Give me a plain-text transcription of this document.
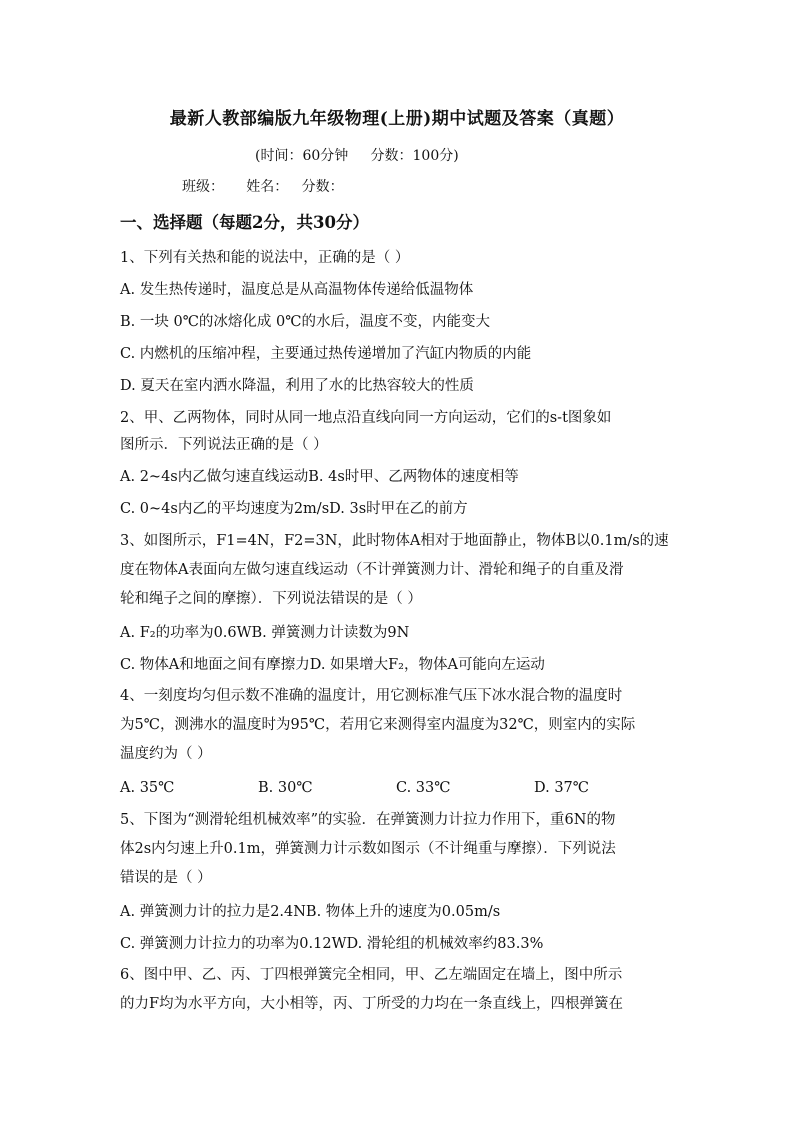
最新人教部编版九年级物理(上册)期中试题及答案（真题）
(时间：60分钟     分数：100分)
班级：     姓名：   分数：
一、选择题（每题2分，共30分）
1、下列有关热和能的说法中，正确的是（ ）
A. 发生热传递时，温度总是从高温物体传递给低温物体
B. 一块 0℃的冰熔化成 0℃的水后，温度不变，内能变大
C. 内燃机的压缩冲程，主要通过热传递增加了汽缸内物质的内能
D. 夏天在室内洒水降温，利用了水的比热容较大的性质
2、甲、乙两物体，同时从同一地点沿直线向同一方向运动，它们的s-t图象如
图所示．下列说法正确的是（ ）
A. 2~4s内乙做匀速直线运动B. 4s时甲、乙两物体的速度相等
C. 0~4s内乙的平均速度为2m/sD. 3s时甲在乙的前方
3、如图所示，F1=4N，F2=3N，此时物体A相对于地面静止，物体B以0.1m/s的速
度在物体A表面向左做匀速直线运动（不计弹簧测力计、滑轮和绳子的自重及滑
轮和绳子之间的摩擦）．下列说法错误的是（ ）
A. F₂的功率为0.6WB. 弹簧测力计读数为9N
C. 物体A和地面之间有摩擦力D. 如果增大F₂，物体A可能向左运动
4、一刻度均匀但示数不准确的温度计，用它测标准气压下冰水混合物的温度时
为5℃，测沸水的温度时为95℃，若用它来测得室内温度为32℃，则室内的实际
温度约为（ ）
A. 35℃	B. 30℃	C. 33℃	D. 37℃
5、下图为“测滑轮组机械效率”的实验．在弹簧测力计拉力作用下，重6N的物
体2s内匀速上升0.1m，弹簧测力计示数如图示（不计绳重与摩擦）．下列说法
错误的是（ ）
A. 弹簧测力计的拉力是2.4NB. 物体上升的速度为0.05m/s
C. 弹簧测力计拉力的功率为0.12WD. 滑轮组的机械效率约83.3%
6、图中甲、乙、丙、丁四根弹簧完全相同，甲、乙左端固定在墙上，图中所示
的力F均为水平方向，大小相等，丙、丁所受的力均在一条直线上，四根弹簧在
